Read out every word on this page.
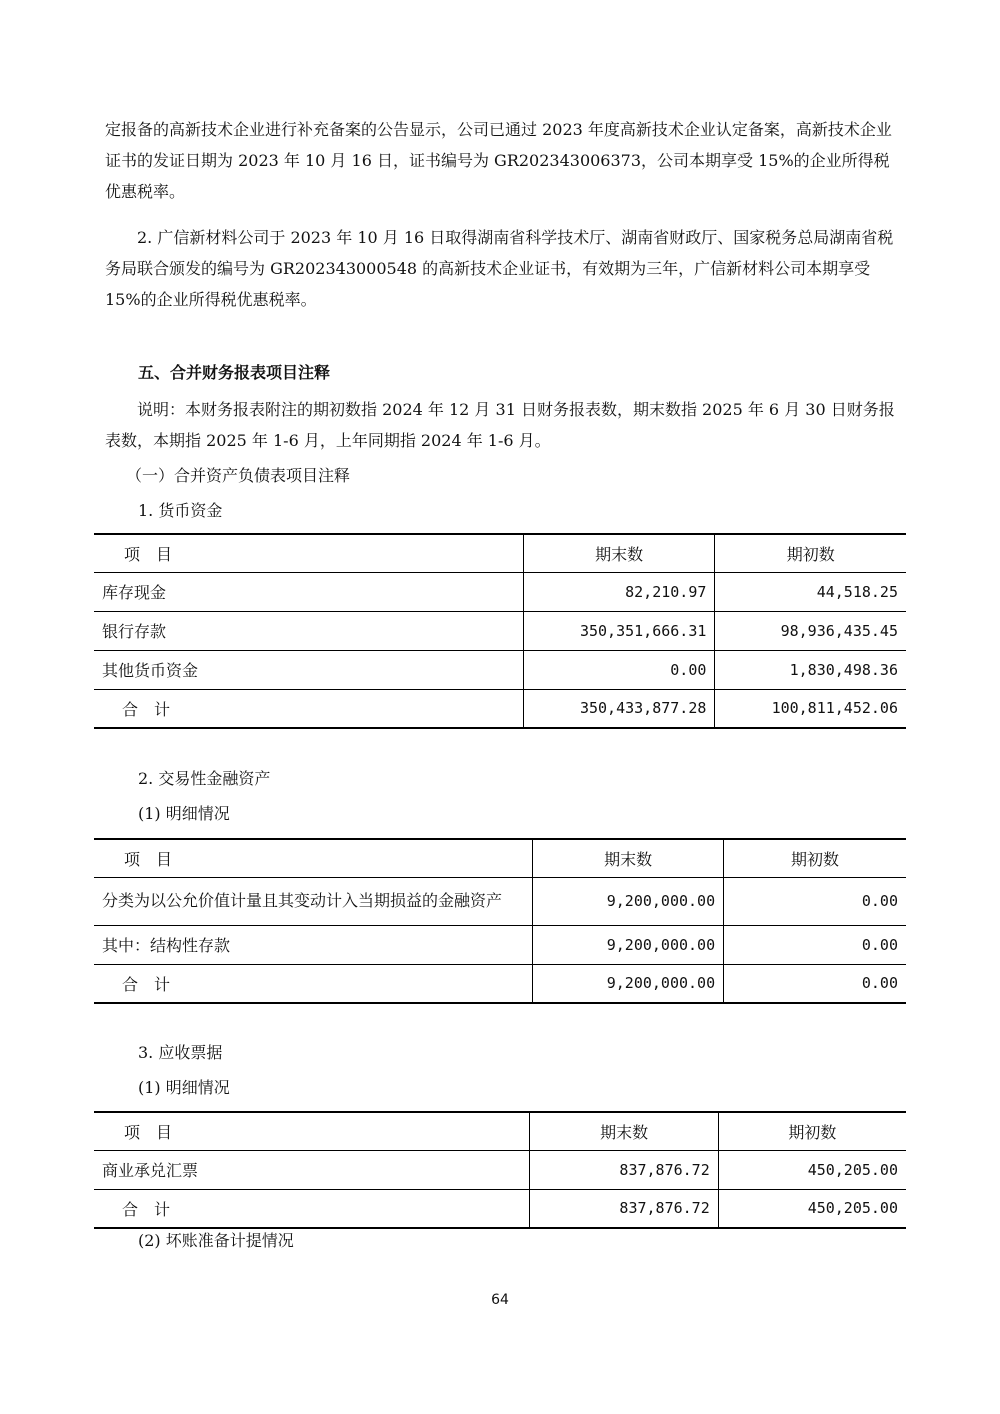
定报备的高新技术企业进行补充备案的公告显示，公司已通过 2023 年度高新技术企业认定备案，高新技术企业证书的发证日期为 2023 年 10 月 16 日，证书编号为 GR202343006373，公司本期享受 15%的企业所得税优惠税率。

2. 广信新材料公司于 2023 年 10 月 16 日取得湖南省科学技术厅、湖南省财政厅、国家税务总局湖南省税务局联合颁发的编号为 GR202343000548 的高新技术企业证书，有效期为三年，广信新材料公司本期享受 15%的企业所得税优惠税率。

五、合并财务报表项目注释

说明：本财务报表附注的期初数指 2024 年 12 月 31 日财务报表数，期末数指 2025 年 6 月 30 日财务报表数，本期指 2025 年 1-6 月，上年同期指 2024 年 1-6 月。

（一）合并资产负债表项目注释
1. 货币资金
项　目	期末数	期初数
库存现金	82,210.97	44,518.25
银行存款	350,351,666.31	98,936,435.45
其他货币资金	0.00	1,830,498.36
合　计	350,433,877.28	100,811,452.06
2. 交易性金融资产
(1) 明细情况
项　目	期末数	期初数
分类为以公允价值计量且其变动计入当期损益的金融资产	9,200,000.00	0.00
其中：结构性存款	9,200,000.00	0.00
合　计	9,200,000.00	0.00
3. 应收票据
(1) 明细情况
项　目	期末数	期初数
商业承兑汇票	837,876.72	450,205.00
合　计	837,876.72	450,205.00
(2) 坏账准备计提情况
64
